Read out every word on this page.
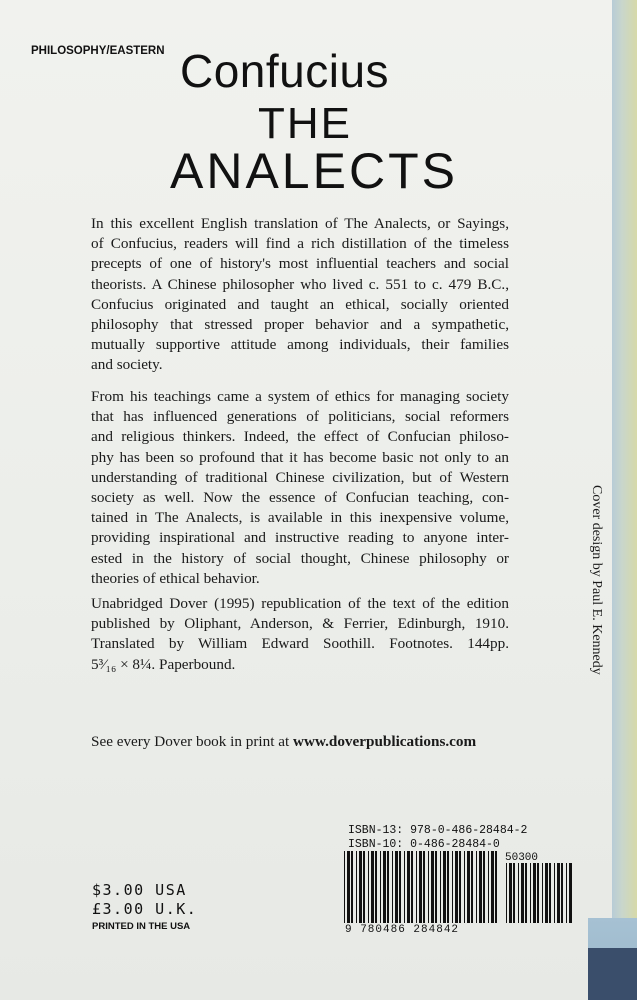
PHILOSOPHY/EASTERN Confucius
THE
ANALECTS
In this excellent English translation of The Analects, or Sayings,
of Confucius, readers will find a rich distillation of the timeless
precepts of one of history's most influential teachers and social
theorists. A Chinese philosopher who lived c. 551 to c. 479 B.C.,
Confucius originated and taught an ethical, socially oriented
philosophy that stressed proper behavior and a sympathetic,
mutually supportive attitude among individuals, their families
and society.
From his teachings came a system of ethics for managing society
that has influenced generations of politicians, social reformers
and religious thinkers. Indeed, the effect of Confucian philoso-
phy has been so profound that it has become basic not only to an
understanding of traditional Chinese civilization, but of Western
society as well. Now the essence of Confucian teaching, con-
tained in The Analects, is available in this inexpensive volume,
providing inspirational and instructive reading to anyone inter-
ested in the history of social thought, Chinese philosophy or
theories of ethical behavior.
Unabridged Dover (1995) republication of the text of the edition
published by Oliphant, Anderson, & Ferrier, Edinburgh, 1910.
Translated by William Edward Soothill. Footnotes. 144pp.
5³⁄₁₆ × 8¼. Paperbound.
See every Dover book in print at www.doverpublications.com
Cover design by Paul E. Kennedy
ISBN-13: 978-0-486-28484-2
ISBN-10: 0-486-28484-0
50300
9 780486 284842
$3.00 USA
£3.00 U.K.
PRINTED IN THE USA
